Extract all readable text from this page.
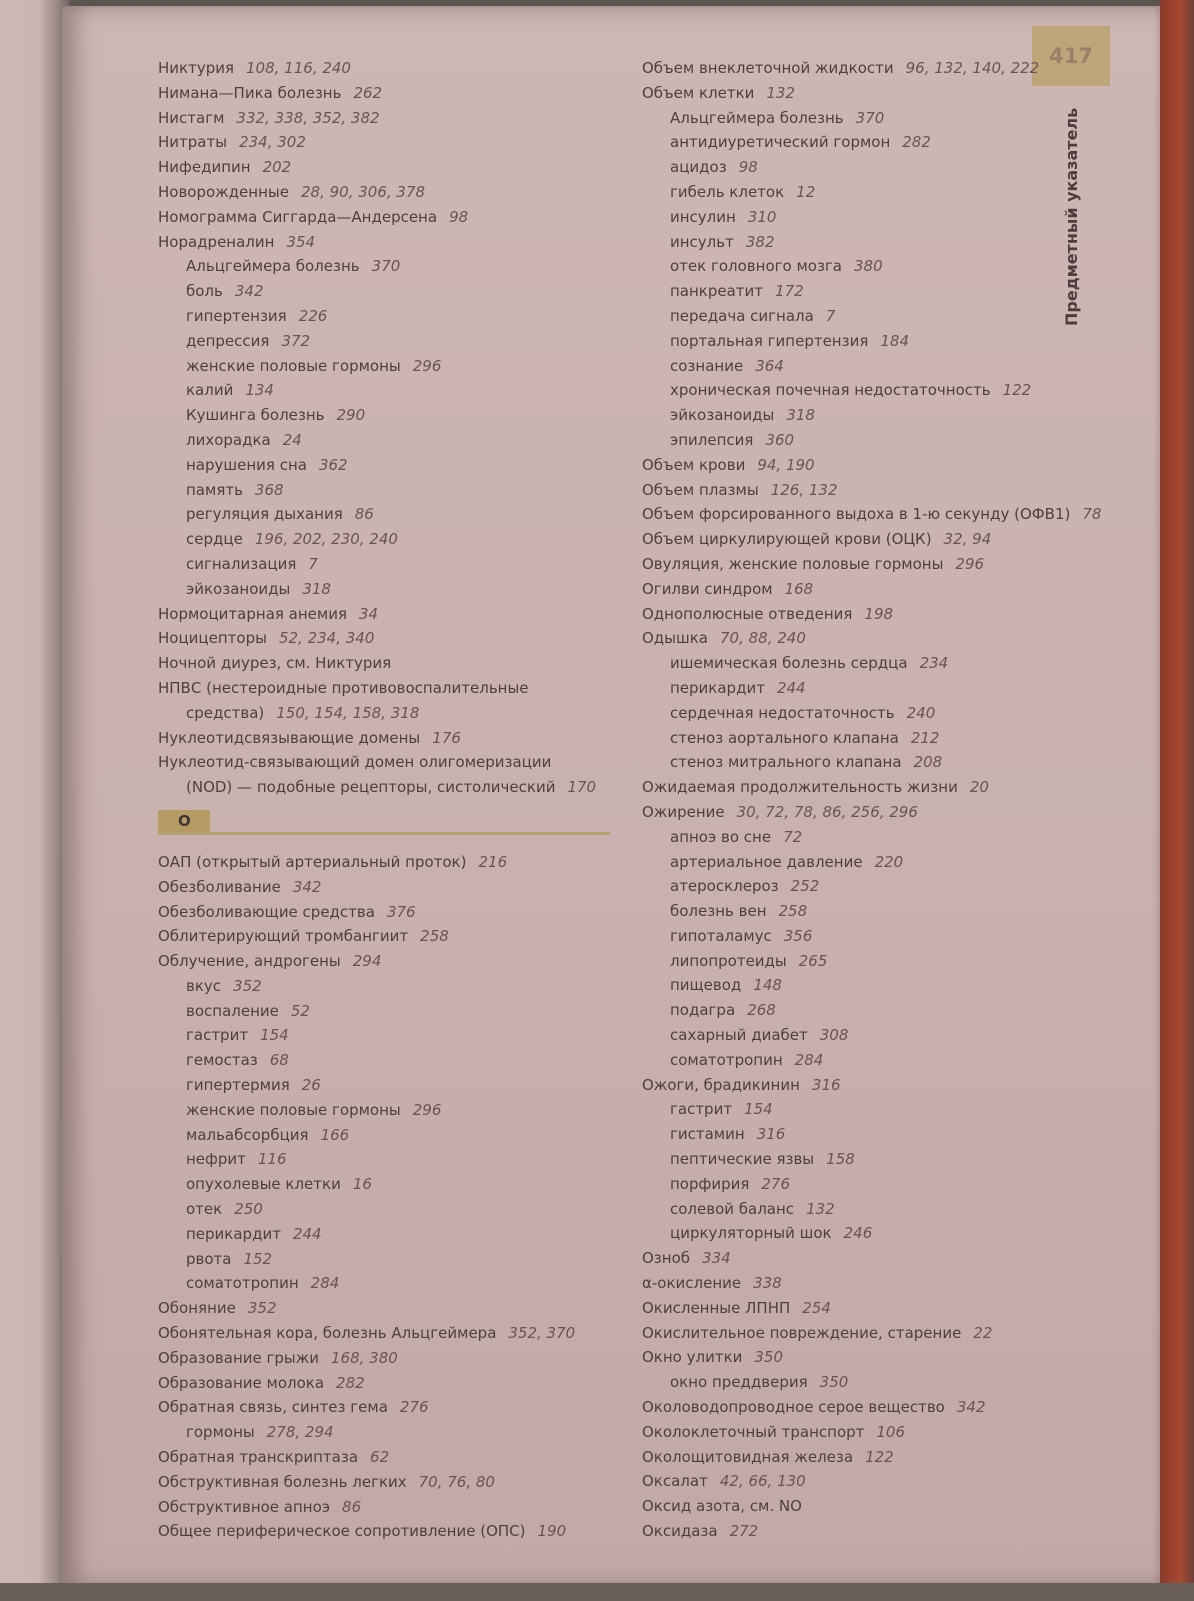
417
Предметный указатель
Никтурия 108, 116, 240
Нимана—Пика болезнь 262
Нистагм 332, 338, 352, 382
Нитраты 234, 302
Нифедипин 202
Новорожденные 28, 90, 306, 378
Номограмма Сиггарда—Андерсена 98
Норадреналин 354
Альцгеймера болезнь 370
боль 342
гипертензия 226
депрессия 372
женские половые гормоны 296
калий 134
Кушинга болезнь 290
лихорадка 24
нарушения сна 362
память 368
регуляция дыхания 86
сердце 196, 202, 230, 240
сигнализация 7
эйкозаноиды 318
Нормоцитарная анемия 34
Ноцицепторы 52, 234, 340
Ночной диурез, см. Никтурия
НПВС (нестероидные противовоспалительные
средства) 150, 154, 158, 318
Нуклеотидсвязывающие домены 176
Нуклеотид-связывающий домен олигомеризации
(NOD) — подобные рецепторы, систолический 170
О
ОАП (открытый артериальный проток) 216
Обезболивание 342
Обезболивающие средства 376
Облитерирующий тромбангиит 258
Облучение, андрогены 294
вкус 352
воспаление 52
гастрит 154
гемостаз 68
гипертермия 26
женские половые гормоны 296
мальабсорбция 166
нефрит 116
опухолевые клетки 16
отек 250
перикардит 244
рвота 152
соматотропин 284
Обоняние 352
Обонятельная кора, болезнь Альцгеймера 352, 370
Образование грыжи 168, 380
Образование молока 282
Обратная связь, синтез гема 276
гормоны 278, 294
Обратная транскриптаза 62
Обструктивная болезнь легких 70, 76, 80
Обструктивное апноэ 86
Общее периферическое сопротивление (ОПС) 190
Объем внеклеточной жидкости 96, 132, 140, 222
Объем клетки 132
Альцгеймера болезнь 370
антидиуретический гормон 282
ацидоз 98
гибель клеток 12
инсулин 310
инсульт 382
отек головного мозга 380
панкреатит 172
передача сигнала 7
портальная гипертензия 184
сознание 364
хроническая почечная недостаточность 122
эйкозаноиды 318
эпилепсия 360
Объем крови 94, 190
Объем плазмы 126, 132
Объем форсированного выдоха в 1-ю секунду (ОФВ1) 78
Объем циркулирующей крови (ОЦК) 32, 94
Овуляция, женские половые гормоны 296
Огилви синдром 168
Однополюсные отведения 198
Одышка 70, 88, 240
ишемическая болезнь сердца 234
перикардит 244
сердечная недостаточность 240
стеноз аортального клапана 212
стеноз митрального клапана 208
Ожидаемая продолжительность жизни 20
Ожирение 30, 72, 78, 86, 256, 296
апноэ во сне 72
артериальное давление 220
атеросклероз 252
болезнь вен 258
гипоталамус 356
липопротеиды 265
пищевод 148
подагра 268
сахарный диабет 308
соматотропин 284
Ожоги, брадикинин 316
гастрит 154
гистамин 316
пептические язвы 158
порфирия 276
солевой баланс 132
циркуляторный шок 246
Озноб 334
α-окисление 338
Окисленные ЛПНП 254
Окислительное повреждение, старение 22
Окно улитки 350
окно преддверия 350
Околоводопроводное серое вещество 342
Околоклеточный транспорт 106
Околощитовидная железа 122
Оксалат 42, 66, 130
Оксид азота, см. NO
Оксидаза 272
